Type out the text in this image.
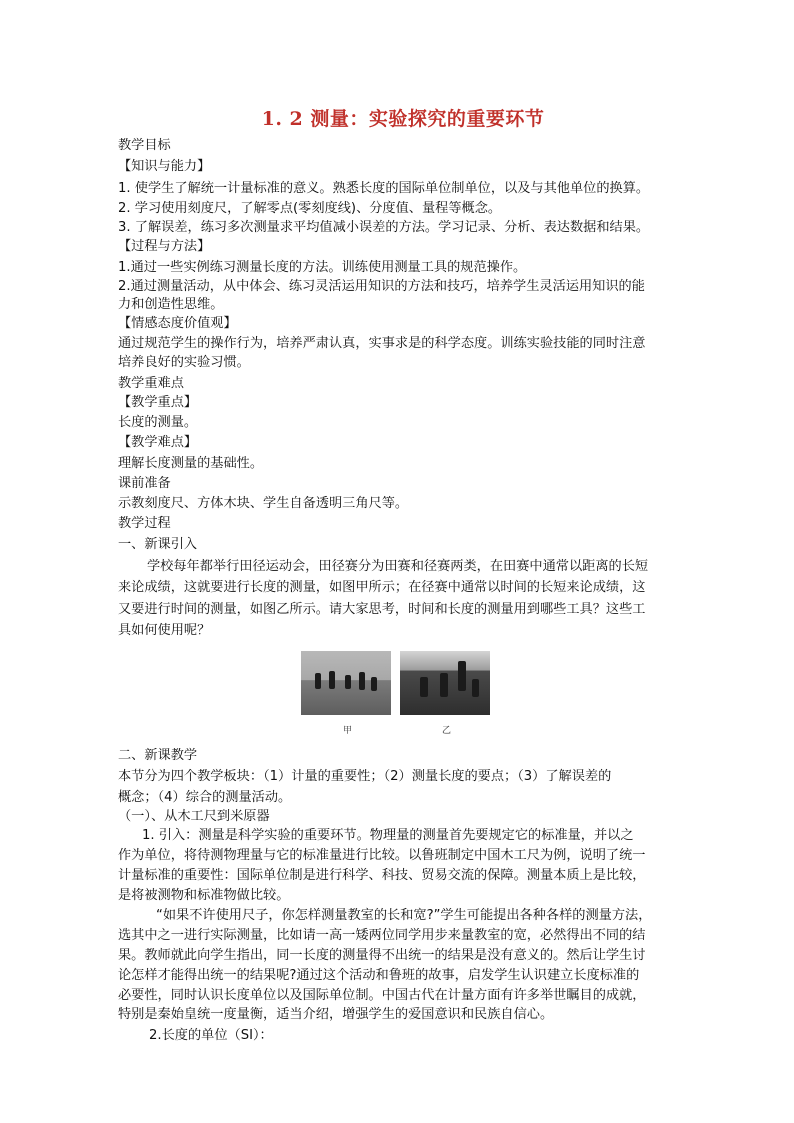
1. 2 测量：实验探究的重要环节
教学目标
【知识与能力】
1. 使学生了解统一计量标准的意义。熟悉长度的国际单位制单位，以及与其他单位的换算。
2. 学习使用刻度尺，了解零点(零刻度线)、分度值、量程等概念。
3. 了解误差，练习多次测量求平均值减小误差的方法。学习记录、分析、表达数据和结果。
【过程与方法】
1.通过一些实例练习测量长度的方法。训练使用测量工具的规范操作。
2.通过测量活动，从中体会、练习灵活运用知识的方法和技巧，培养学生灵活运用知识的能
力和创造性思维。
【情感态度价值观】
通过规范学生的操作行为，培养严肃认真，实事求是的科学态度。训练实验技能的同时注意
培养良好的实验习惯。
教学重难点
【教学重点】
长度的测量。
【教学难点】
理解长度测量的基础性。
课前准备
示教刻度尺、方体木块、学生自备透明三角尺等。
教学过程
一、新课引入
学校每年都举行田径运动会，田径赛分为田赛和径赛两类，在田赛中通常以距离的长短
来论成绩，这就要进行长度的测量，如图甲所示；在径赛中通常以时间的长短来论成绩，这
又要进行时间的测量，如图乙所示。请大家思考，时间和长度的测量用到哪些工具？这些工
具如何使用呢？
甲	乙
二、新课教学
本节分为四个教学板块：（1）计量的重要性；（2）测量长度的要点；（3）了解误差的
概念；（4）综合的测量活动。
（一）、从木工尺到米原器
1. 引入：测量是科学实验的重要环节。物理量的测量首先要规定它的标准量，并以之
作为单位，将待测物理量与它的标准量进行比较。以鲁班制定中国木工尺为例，说明了统一
计量标准的重要性：国际单位制是进行科学、科技、贸易交流的保障。测量本质上是比较，
是将被测物和标准物做比较。
“如果不许使用尺子，你怎样测量教室的长和宽?”学生可能提出各种各样的测量方法，
选其中之一进行实际测量，比如请一高一矮两位同学用步来量教室的宽，必然得出不同的结
果。教师就此向学生指出，同一长度的测量得不出统一的结果是没有意义的。然后让学生讨
论怎样才能得出统一的结果呢?通过这个活动和鲁班的故事，启发学生认识建立长度标准的
必要性，同时认识长度单位以及国际单位制。中国古代在计量方面有许多举世瞩目的成就，
特别是秦始皇统一度量衡，适当介绍，增强学生的爱国意识和民族自信心。
2.长度的单位（SI）：
